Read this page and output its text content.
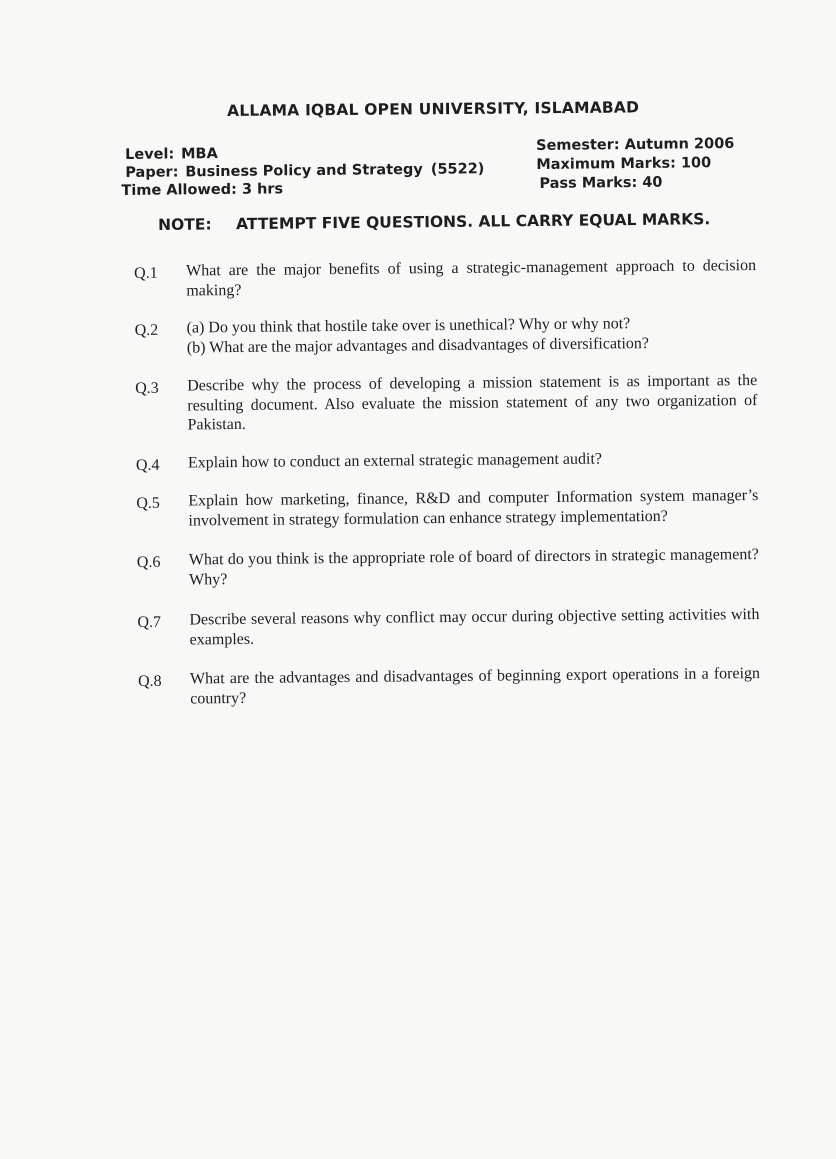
ALLAMA IQBAL OPEN UNIVERSITY, ISLAMABAD
Level: MBA
Paper: Business Policy and Strategy (5522)
Time Allowed: 3 hrs
Semester: Autumn 2006
Maximum Marks: 100
Pass Marks: 40
NOTE: ATTEMPT FIVE QUESTIONS. ALL CARRY EQUAL MARKS.
Q.1 What are the major benefits of using a strategic-management approach to decision making?
Q.2 (a) Do you think that hostile take over is unethical? Why or why not?
(b) What are the major advantages and disadvantages of diversification?
Q.3 Describe why the process of developing a mission statement is as important as the resulting document. Also evaluate the mission statement of any two organization of Pakistan.
Q.4 Explain how to conduct an external strategic management audit?
Q.5 Explain how marketing, finance, R&D and computer Information system manager’s involvement in strategy formulation can enhance strategy implementation?
Q.6 What do you think is the appropriate role of board of directors in strategic management? Why?
Q.7 Describe several reasons why conflict may occur during objective setting activities with examples.
Q.8 What are the advantages and disadvantages of beginning export operations in a foreign country?
